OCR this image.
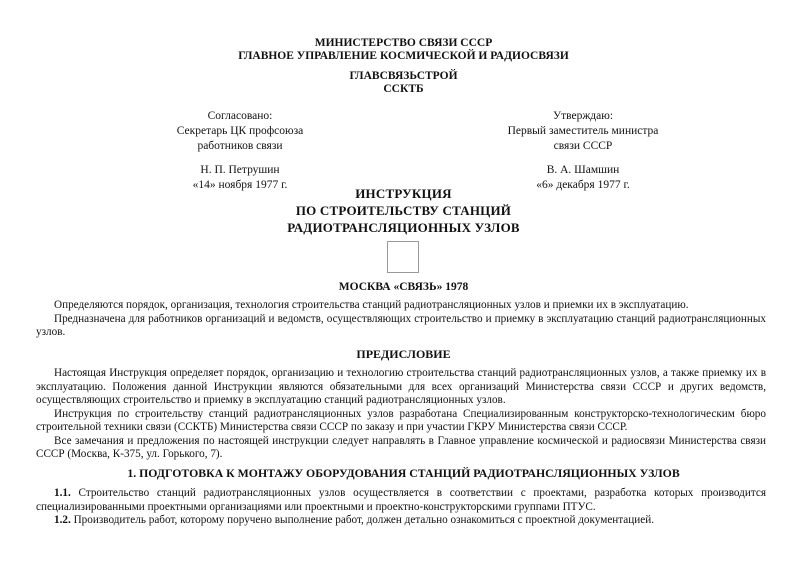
МИНИСТЕРСТВО СВЯЗИ СССР
ГЛАВНОЕ УПРАВЛЕНИЕ КОСМИЧЕСКОЙ И РАДИОСВЯЗИ
ГЛАВСВЯЗЬСТРОЙ
ССКТБ
Согласовано:
Секретарь ЦК профсоюза
работников связи
Н. П. Петрушин
«14» ноября 1977 г.
Утверждаю:
Первый заместитель министра
связи СССР
В. А. Шамшин
«6» декабря 1977 г.
ИНСТРУКЦИЯ
ПО СТРОИТЕЛЬСТВУ СТАНЦИЙ
РАДИОТРАНСЛЯЦИОННЫХ УЗЛОВ
МОСКВА «СВЯЗЬ» 1978

Определяются порядок, организация, технология строительства станций радиотрансляционных узлов и приемки их в эксплуатацию.

Предназначена для работников организаций и ведомств, осуществляющих строительство и приемку в эксплуатацию станций радиотрансляционных узлов.

ПРЕДИСЛОВИЕ

Настоящая Инструкция определяет порядок, организацию и технологию строительства станций радиотрансляционных узлов, а также приемку их в эксплуатацию. Положения данной Инструкции являются обязательными для всех организаций Министерства связи СССР и других ведомств, осуществляющих строительство и приемку в эксплуатацию станций радиотрансляционных узлов.

Инструкция по строительству станций радиотрансляционных узлов разработана Специализированным конструкторско-технологическим бюро строительной техники связи (ССКТБ) Министерства связи СССР по заказу и при участии ГКРУ Министерства связи СССР.

Все замечания и предложения по настоящей инструкции следует направлять в Главное управление космической и радиосвязи Министерства связи СССР (Москва, К-375, ул. Горького, 7).

1. ПОДГОТОВКА К МОНТАЖУ ОБОРУДОВАНИЯ СТАНЦИЙ РАДИОТРАНСЛЯЦИОННЫХ УЗЛОВ

1.1. Строительство станций радиотрансляционных узлов осуществляется в соответствии с проектами, разработка которых производится специализированными проектными организациями или проектными и проектно-конструкторскими группами ПТУС.

1.2. Производитель работ, которому поручено выполнение работ, должен детально ознакомиться с проектной документацией.
